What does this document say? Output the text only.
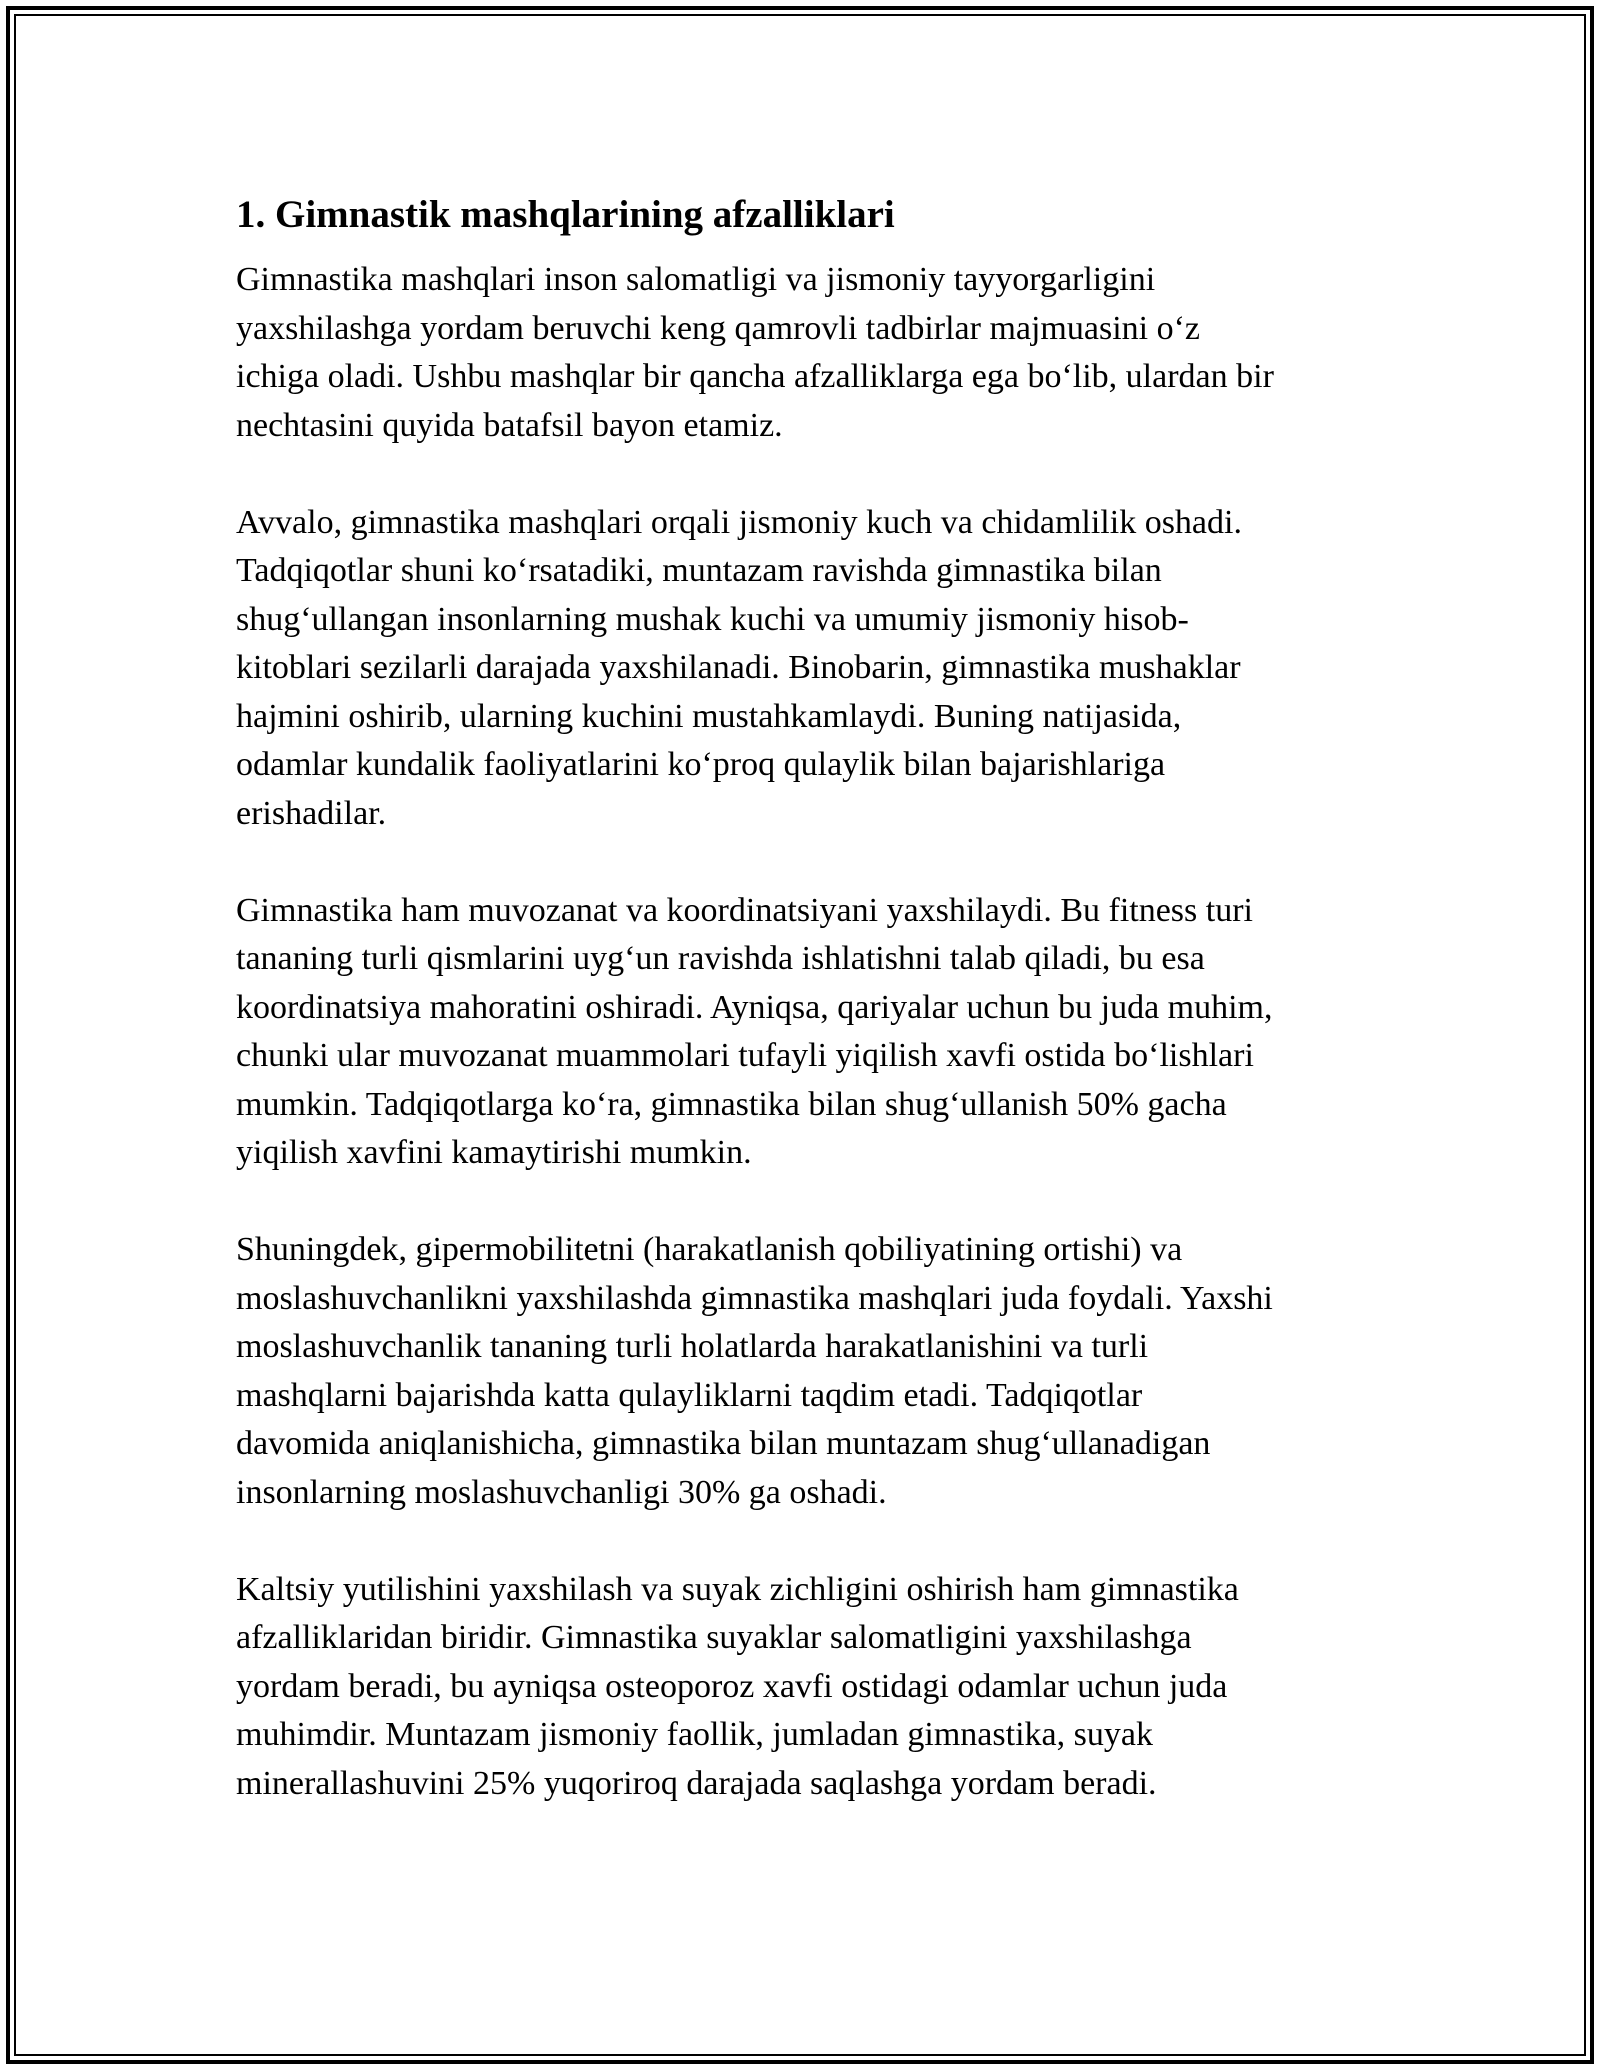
1. Gimnastik mashqlarining afzalliklari

Gimnastika mashqlari inson salomatligi va jismoniy tayyorgarligini
yaxshilashga yordam beruvchi keng qamrovli tadbirlar majmuasini o‘z
ichiga oladi. Ushbu mashqlar bir qancha afzalliklarga ega bo‘lib, ulardan bir
nechtasini quyida batafsil bayon etamiz.

Avvalo, gimnastika mashqlari orqali jismoniy kuch va chidamlilik oshadi.
Tadqiqotlar shuni ko‘rsatadiki, muntazam ravishda gimnastika bilan
shug‘ullangan insonlarning mushak kuchi va umumiy jismoniy hisob-
kitoblari sezilarli darajada yaxshilanadi. Binobarin, gimnastika mushaklar
hajmini oshirib, ularning kuchini mustahkamlaydi. Buning natijasida,
odamlar kundalik faoliyatlarini ko‘proq qulaylik bilan bajarishlariga
erishadilar.

Gimnastika ham muvozanat va koordinatsiyani yaxshilaydi. Bu fitness turi
tananing turli qismlarini uyg‘un ravishda ishlatishni talab qiladi, bu esa
koordinatsiya mahoratini oshiradi. Ayniqsa, qariyalar uchun bu juda muhim,
chunki ular muvozanat muammolari tufayli yiqilish xavfi ostida bo‘lishlari
mumkin. Tadqiqotlarga ko‘ra, gimnastika bilan shug‘ullanish 50% gacha
yiqilish xavfini kamaytirishi mumkin.

Shuningdek, gipermobilitetni (harakatlanish qobiliyatining ortishi) va
moslashuvchanlikni yaxshilashda gimnastika mashqlari juda foydali. Yaxshi
moslashuvchanlik tananing turli holatlarda harakatlanishini va turli
mashqlarni bajarishda katta qulayliklarni taqdim etadi. Tadqiqotlar
davomida aniqlanishicha, gimnastika bilan muntazam shug‘ullanadigan
insonlarning moslashuvchanligi 30% ga oshadi.

Kaltsiy yutilishini yaxshilash va suyak zichligini oshirish ham gimnastika
afzalliklaridan biridir. Gimnastika suyaklar salomatligini yaxshilashga
yordam beradi, bu ayniqsa osteoporoz xavfi ostidagi odamlar uchun juda
muhimdir. Muntazam jismoniy faollik, jumladan gimnastika, suyak
minerallashuvini 25% yuqoriroq darajada saqlashga yordam beradi.
